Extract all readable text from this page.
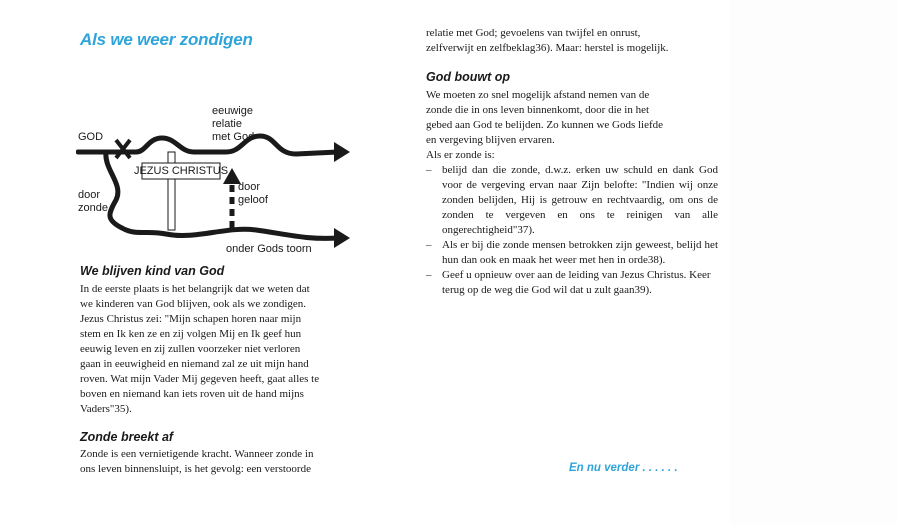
Als we weer zondigen
JEZUS CHRISTUS
GOD
eeuwige
relatie
met God
door
zonde
door
geloof
onder Gods toorn
We blijven kind van God

In de eerste plaats is het belangrijk dat we weten dat

we kinderen van God blijven, ook als we zondigen.

Jezus Christus zei: "Mijn schapen horen naar mijn

stem en Ik ken ze en zij volgen Mij en Ik geef hun

eeuwig leven en zij zullen voorzeker niet verloren

gaan in eeuwigheid en niemand zal ze uit mijn hand

roven. Wat mijn Vader Mij gegeven heeft, gaat alles te

boven en niemand kan iets roven uit de hand mijns

Vaders"35).

Zonde breekt af

Zonde is een vernietigende kracht. Wanneer zonde in

ons leven binnensluipt, is het gevolg: een verstoorde

relatie met God; gevoelens van twijfel en onrust,

zelfverwijt en zelfbeklag36). Maar: herstel is mogelijk.

God bouwt op

We moeten zo snel mogelijk afstand nemen van de

zonde die in ons leven binnenkomt, door die in het

gebed aan God te belijden. Zo kunnen we Gods liefde

en vergeving blijven ervaren.

Als er zonde is:

– belijd dan die zonde, d.w.z. erken uw schuld en dank God voor de vergeving ervan naar Zijn belofte: "Indien wij onze zonden belijden, Hij is getrouw en rechtvaardig, om ons de zonden te vergeven en ons te reinigen van alle ongerechtigheid"37).
– Als er bij die zonde mensen betrokken zijn geweest, belijd het hun dan ook en maak het weer met hen in orde38).
– Geef u opnieuw over aan de leiding van Jezus Christus. Keer terug op de weg die God wil dat u zult gaan39).
En nu verder . . . . . .
